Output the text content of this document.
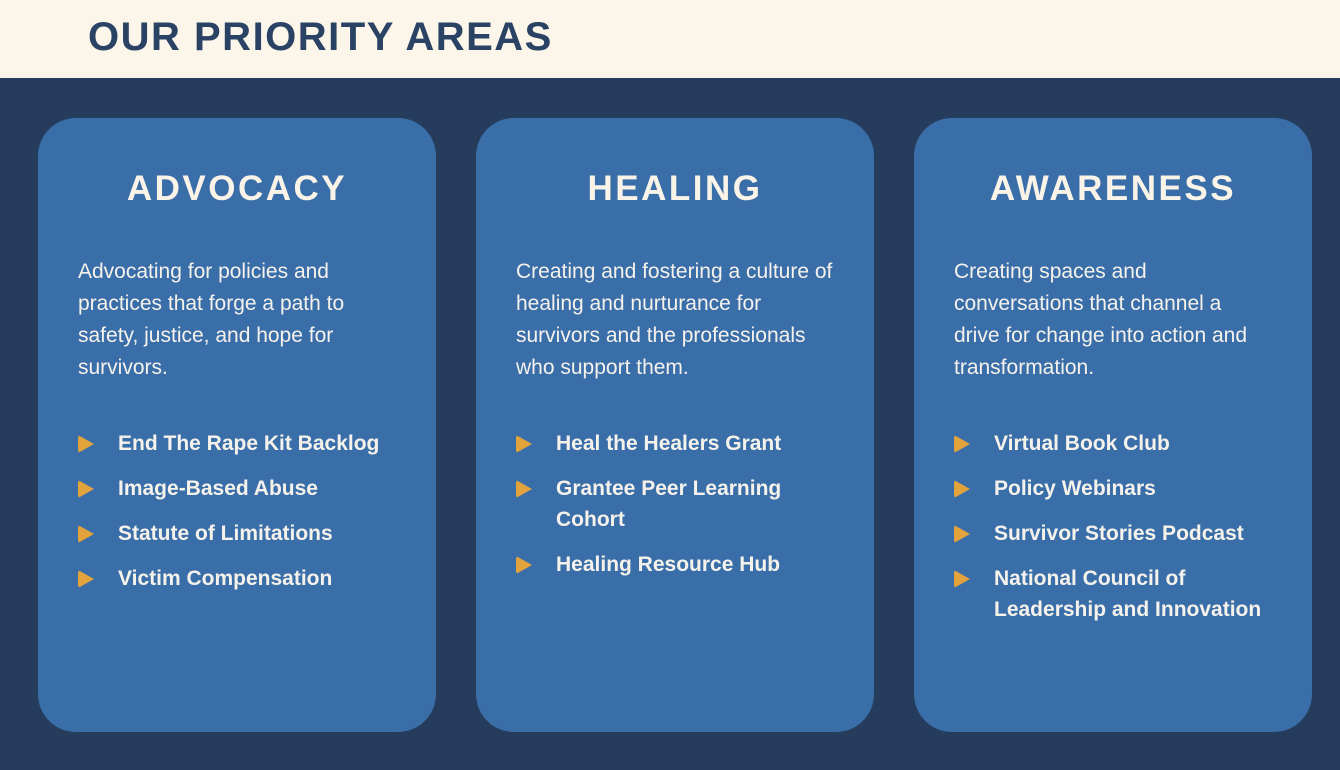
OUR PRIORITY AREAS
ADVOCACY

Advocating for policies and practices that forge a path to safety, justice, and hope for survivors.

End The Rape Kit Backlog
Image-Based Abuse
Statute of Limitations
Victim Compensation
HEALING

Creating and fostering a culture of healing and nurturance for survivors and the professionals who support them.

Heal the Healers Grant
Grantee Peer Learning Cohort
Healing Resource Hub
AWARENESS

Creating spaces and conversations that channel a drive for change into action and transformation.

Virtual Book Club
Policy Webinars
Survivor Stories Podcast
National Council of Leadership and Innovation
